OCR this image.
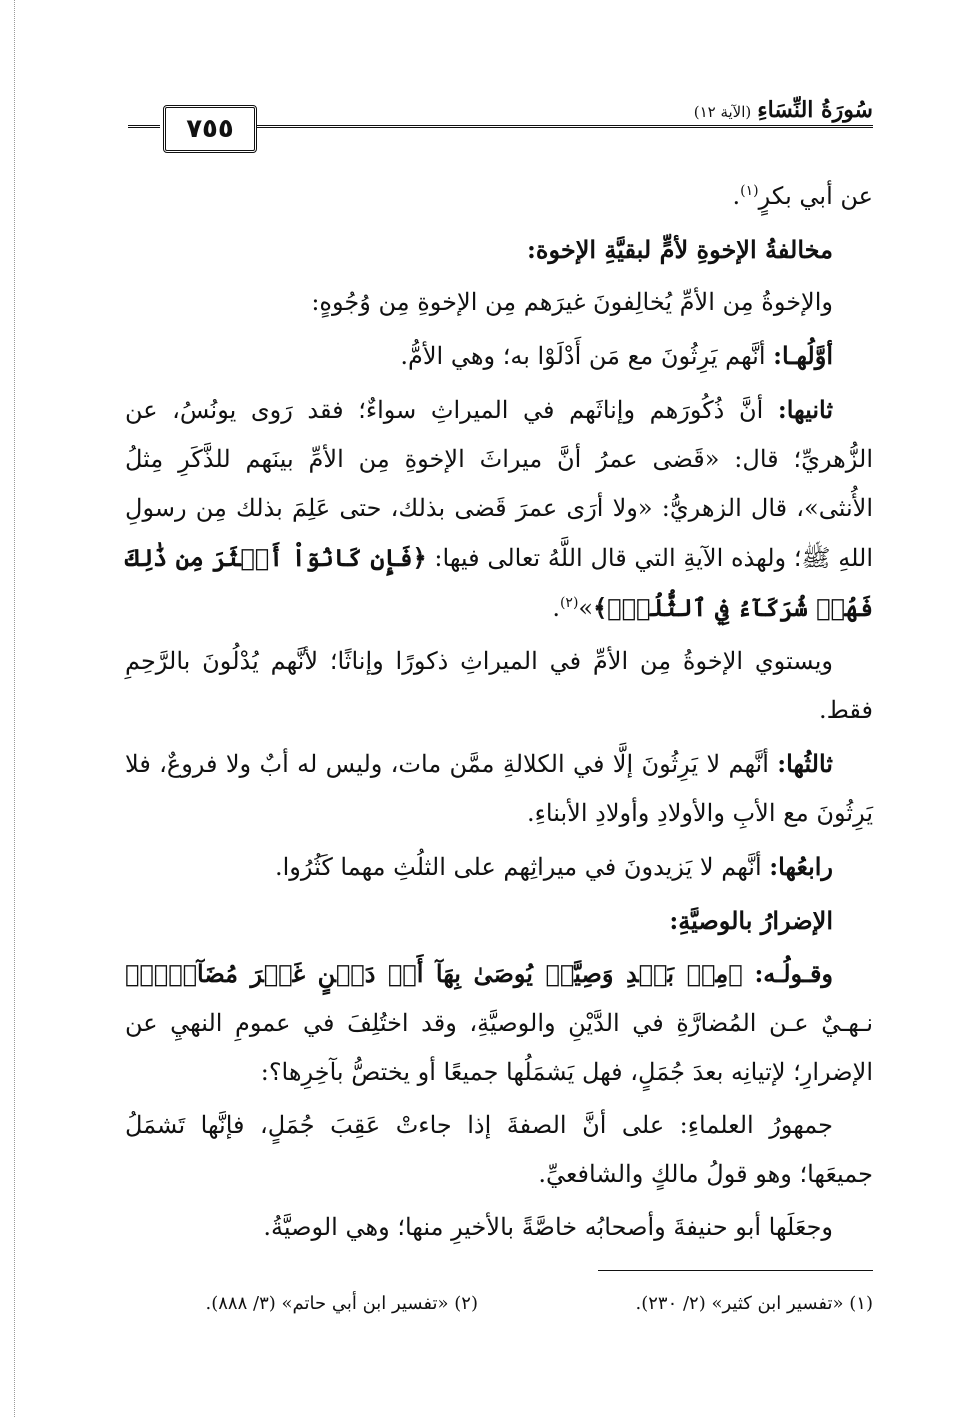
٧٥٥
سُورَةُ النِّسَاءِ(الآية ١٢)

عن أبي بكرٍ$^{(١)}$.

مخالفةُ الإخوةِ لأمٍّ لبقيَّةِ الإخوة:

والإخوةُ مِن الأمِّ يُخالِفونَ غيرَهم مِن الإخوةِ مِن وُجُوهٍ:

أوَّلُهـا: أنَّهم يَرِثُونَ مع مَن أَدْلَوْا به؛ وهي الأمُّ.

ثانيها: أنَّ ذُكُورَهم وإناثَهم في الميراثِ سواءٌ؛ فقد رَوى يونُسُ، عن الزُّهريِّ؛ قال: «قَضى عمرُ أنَّ ميراثَ الإخوةِ مِن الأمِّ بينَهم للذَّكَرِ مِثلُ الأُنثى»، قال الزهريُّ: «ولا أرَى عمرَ قَضى بذلك، حتى عَلِمَ بذلك مِن رسولِ اللهِ ﷺ؛ ولهذه الآيةِ التي قال اللَّهُ تعالى فيها: ﴿فَإِن كَانُوٓاْ أَكۡثَرَ مِن ذَٰلِكَ فَهُمۡ شُرَكَآءُ فِي ٱلثُّلُثِۚ﴾»$^{(٢)}$.

ويستوي الإخوةُ مِن الأمِّ في الميراثِ ذكورًا وإناثًا؛ لأنَّهم يُدْلُونَ بالرَّحِمِ فقط.

ثالثُها: أنَّهم لا يَرِثُونَ إلَّا في الكلالةِ ممَّن مات، وليس له أبٌ ولا فروعٌ، فلا يَرِثُونَ مع الأبِ والأولادِ وأولادِ الأبناءِ.

رابعُها: أنَّهم لا يَزيدونَ في ميراثِهم على الثلُثِ مهما كَثُرُوا.

الإضرارُ بالوصيَّةِ:

وقـولُـه: ﴿مِنۢ بَعۡدِ وَصِيَّةٖ يُوصَىٰ بِهَآ أَوۡ دَيۡنٍ غَيۡرَ مُضَآرّٖۚ﴾ نـهـيٌ عـن المُضارَّةِ في الدَّيْنِ والوصيَّةِ، وقد اختُلِفَ في عمومِ النهيِ عن الإضرارِ؛ لإتيانِه بعدَ جُمَلٍ، فهل يَشمَلُها جميعًا أو يختصُّ بآخِرِها؟:

جمهورُ العلماءِ: على أنَّ الصفةَ إذا جاءتْ عَقِبَ جُمَلٍ، فإنَّها تَشمَلُ جميعَها؛ وهو قولُ مالكٍ والشافعيِّ.

وجعَلَها أبو حنيفةَ وأصحابُه خاصَّةً بالأخيرِ منها؛ وهي الوصيَّةُ.

(١) «تفسير ابن كثير» (٢/ ٢٣٠).
(٢) «تفسير ابن أبي حاتم» (٣/ ٨٨٨).
